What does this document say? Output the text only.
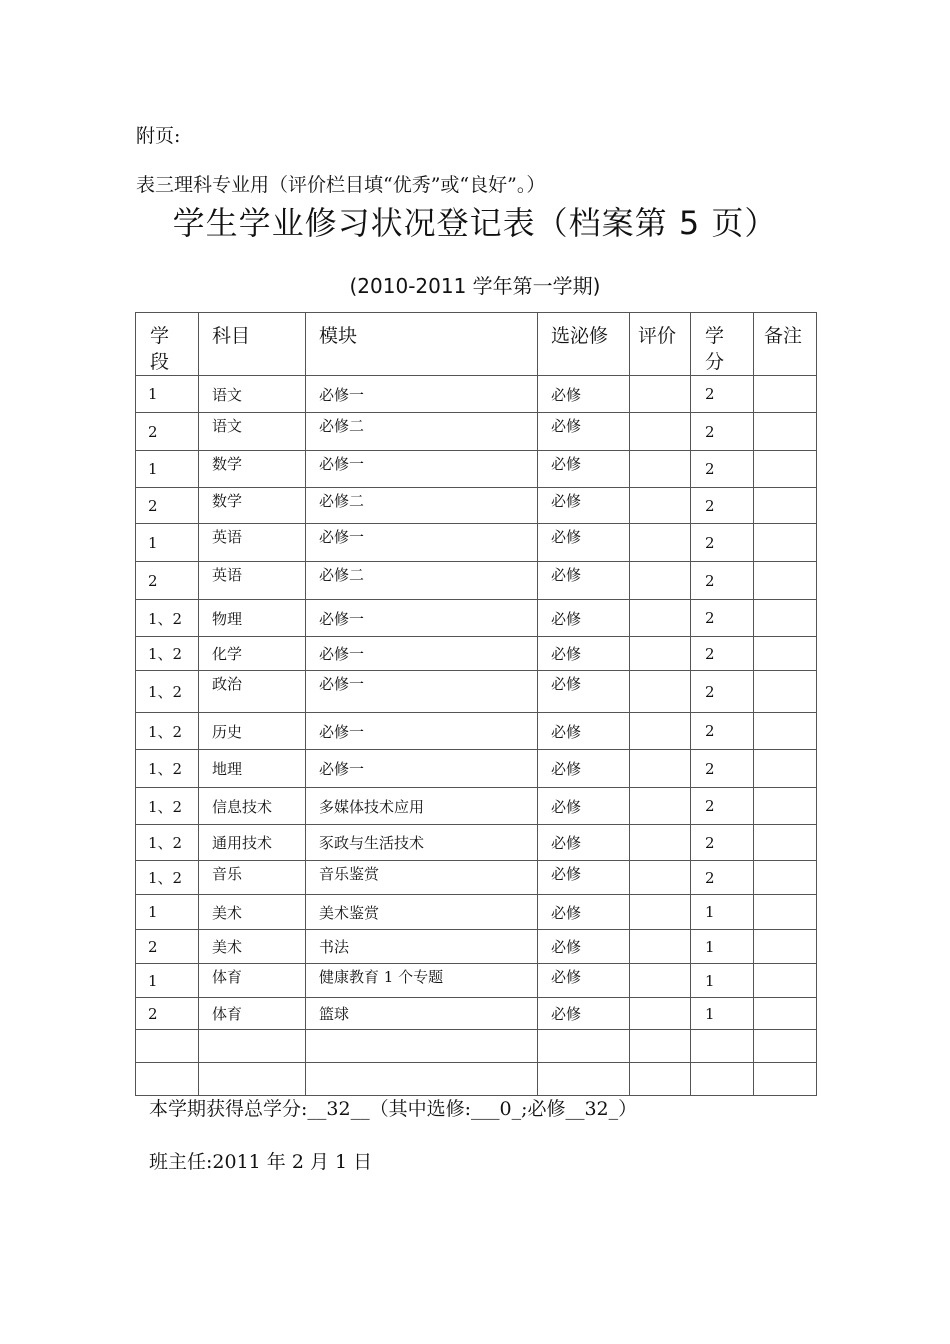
附页:
表三理科专业用（评价栏目填“优秀”或“良好”。）
学生学业修习状况登记表（档案第 5 页）
(2010-2011 学年第一学期)
学段	科目	模块	选泌修	评价	学分	备注

1	语文	必修一	必修		2	

2	语文	必修二	必修		2	

1	数学	必修一	必修		2	

2	数学	必修二	必修		2	

1	英语	必修一	必修		2	

2	英语	必修二	必修		2	

1、2	物理	必修一	必修		2	

1、2	化学	必修一	必修		2	

1、2	政治	必修一	必修		2	

1、2	历史	必修一	必修		2	

1、2	地理	必修一	必修		2	

1、2	信息技术	多媒体技术应用	必修		2	

1、2	通用技术	豕政与生活技术	必修		2	

1、2	音乐	音乐鉴赏	必修		2	

1	美术	美术鉴赏	必修		1	

2	美术	书法	必修		1	

1	体育	健康教育 1 个专题	必修		1	

2	体育	篮球	必修		1	

本学期获得总学分:__32__（其中选修:___0_;必修__32_）
班主任:2011 年 2 月 1 日
